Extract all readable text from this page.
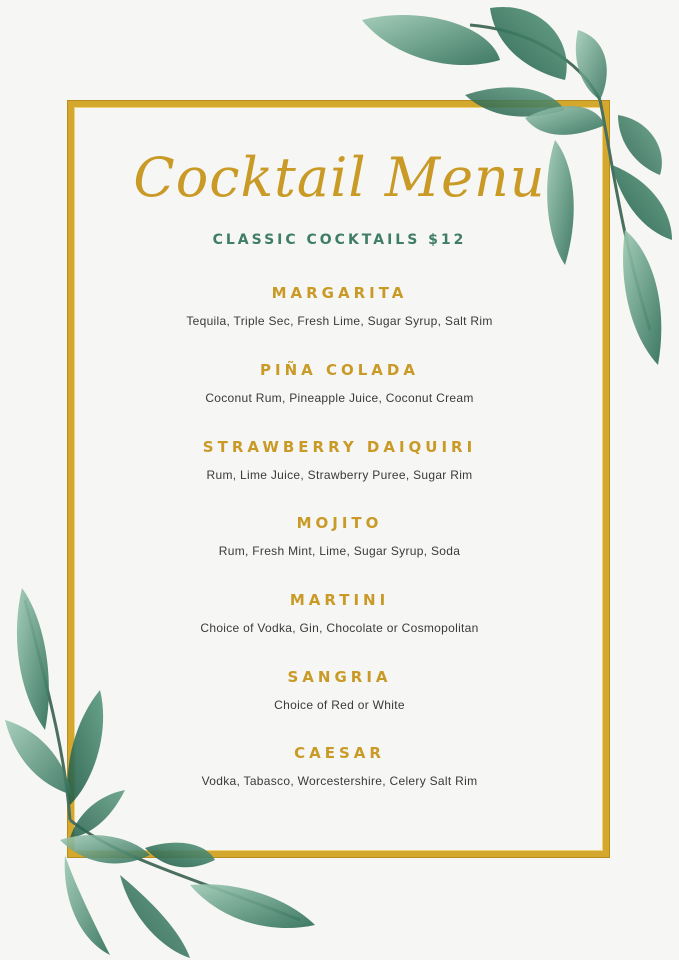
Cocktail Menu
CLASSIC COCKTAILS $12
MARGARITA
Tequila, Triple Sec, Fresh Lime, Sugar Syrup, Salt Rim
PIÑA COLADA
Coconut Rum, Pineapple Juice, Coconut Cream
STRAWBERRY DAIQUIRI
Rum, Lime Juice, Strawberry Puree, Sugar Rim
MOJITO
Rum, Fresh Mint, Lime, Sugar Syrup, Soda
MARTINI
Choice of Vodka, Gin, Chocolate or Cosmopolitan
SANGRIA
Choice of Red or White
CAESAR
Vodka, Tabasco, Worcestershire, Celery Salt Rim
